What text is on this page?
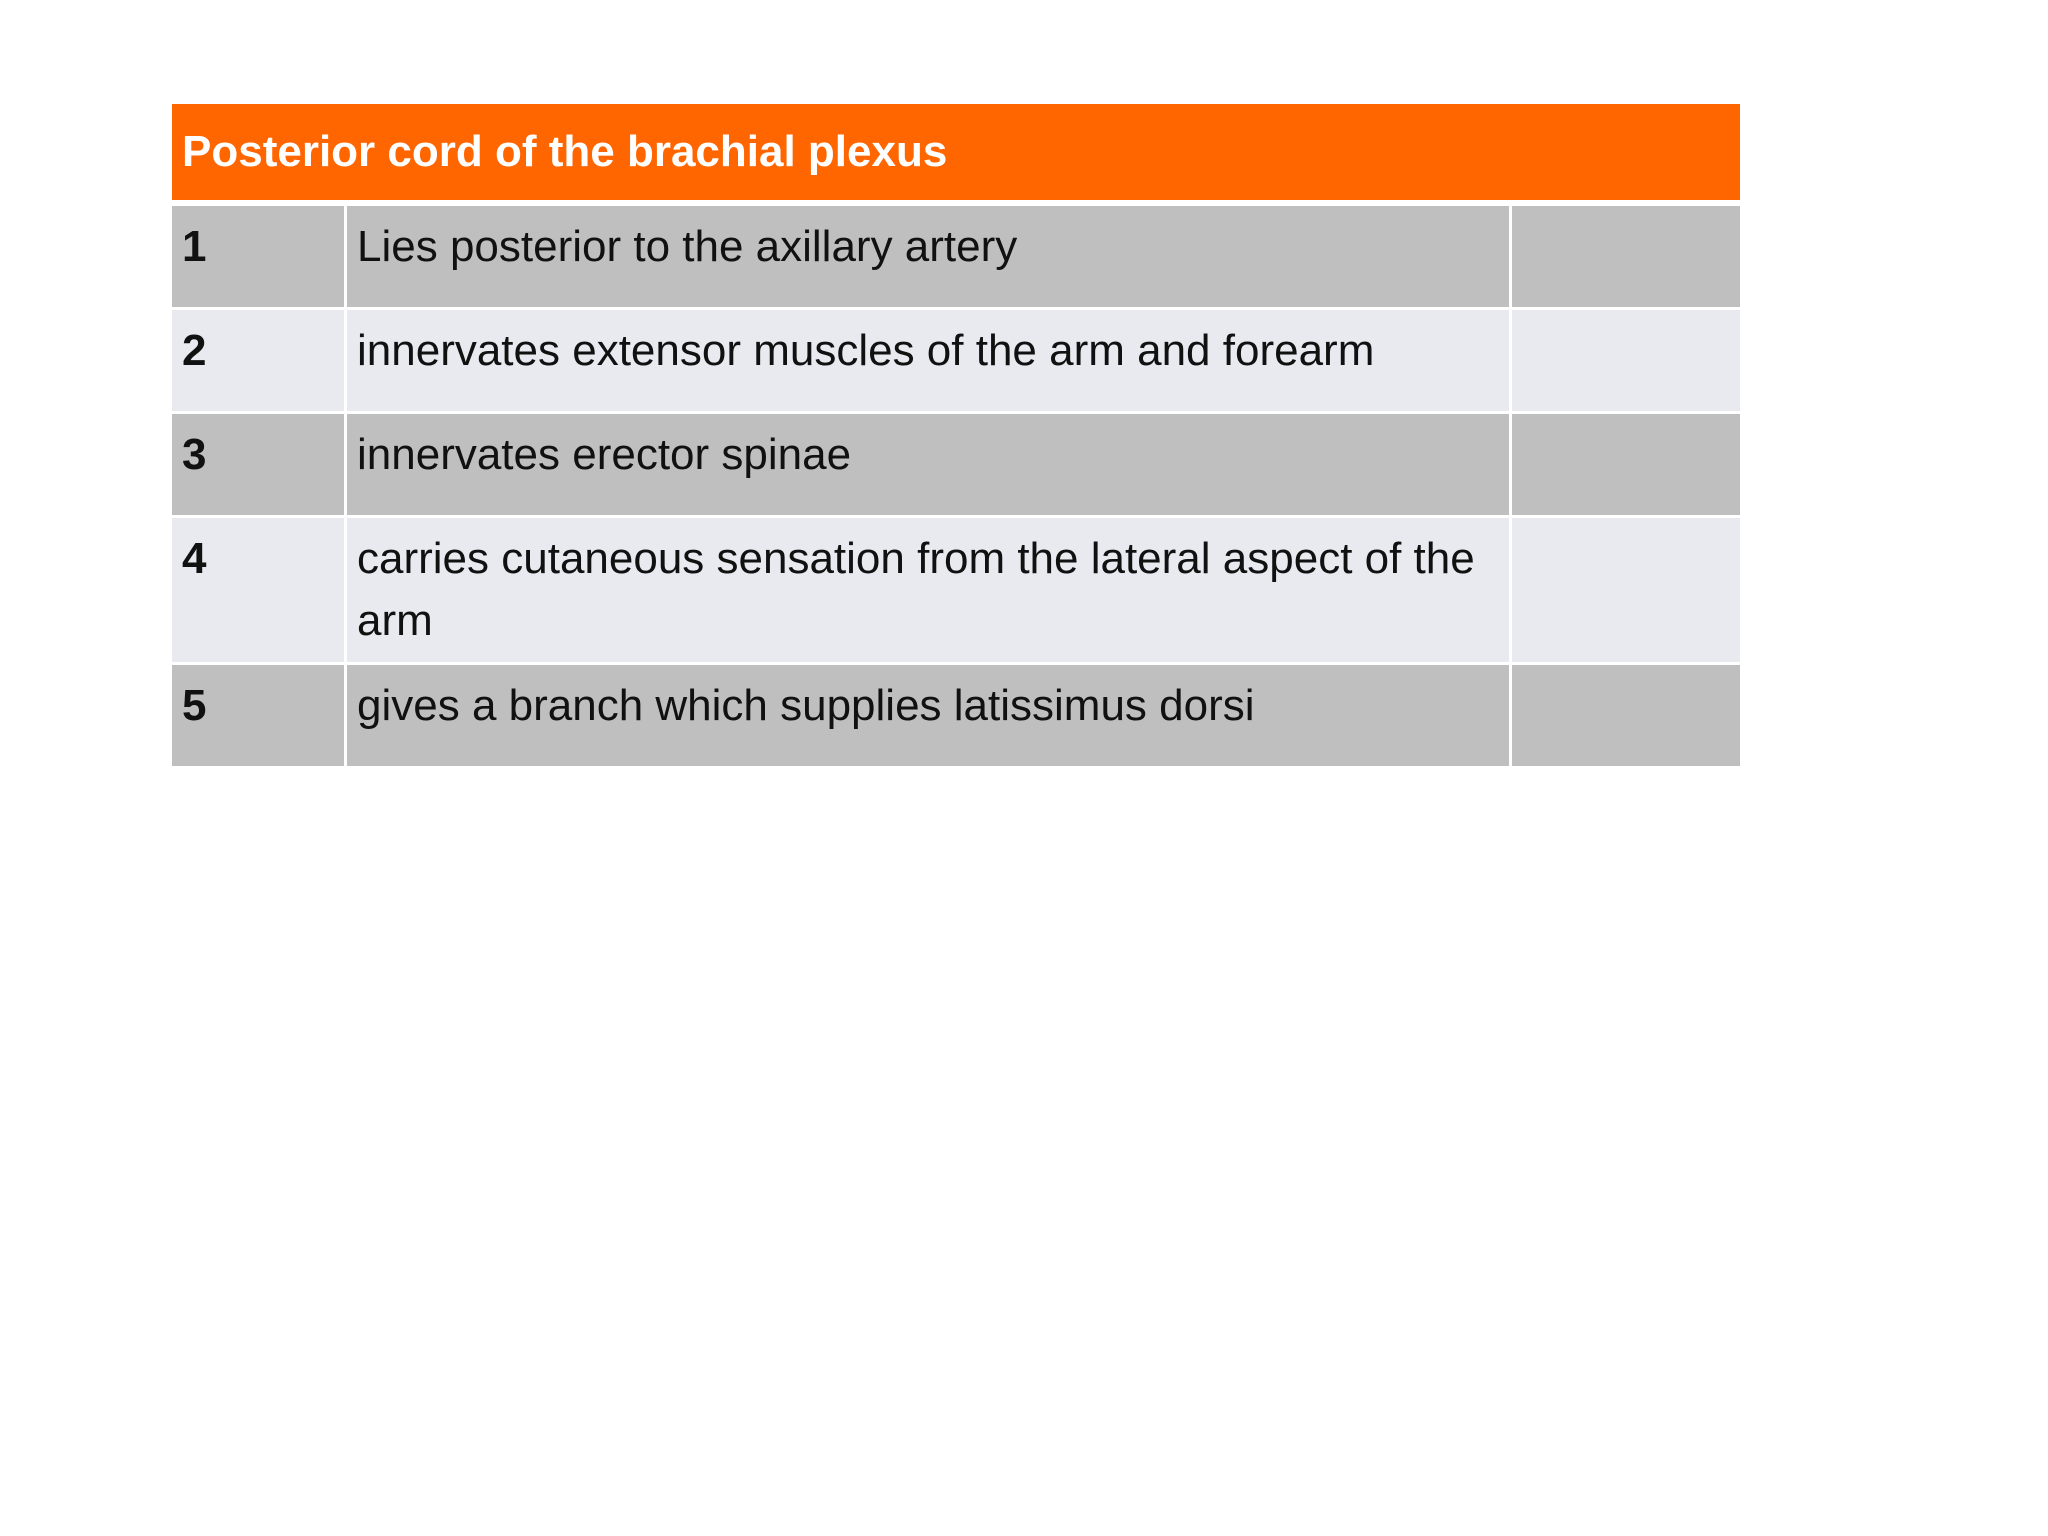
Posterior cord of the brachial plexus
1	Lies posterior to the axillary artery
2	innervates extensor muscles of the arm and forearm
3	innervates erector spinae
4	carries cutaneous sensation from the lateral aspect of the arm
5	gives a branch which supplies latissimus dorsi
